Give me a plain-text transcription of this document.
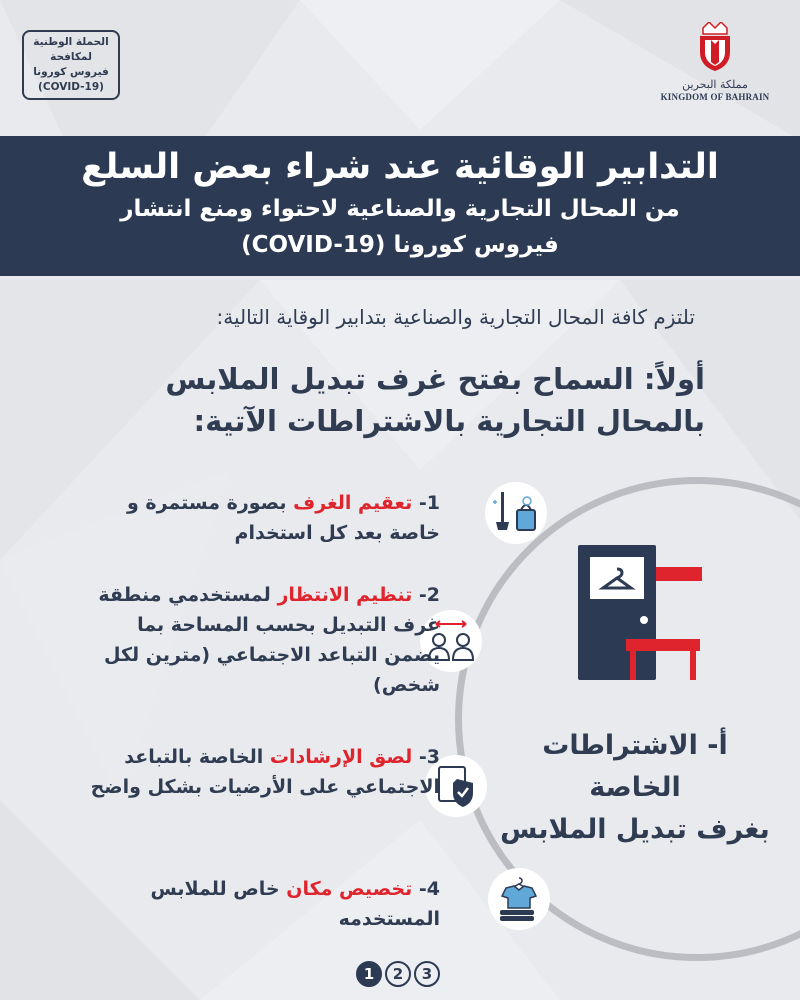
الحملة الوطنية
لمكافحة
فيروس كورونا
(COVID-19)	مملكة البحرين
KINGDOM OF BAHRAIN
التدابير الوقائية عند شراء بعض السلع
من المحال التجارية والصناعية لاحتواء ومنع انتشار
فيروس كورونا (COVID-19)
تلتزم كافة المحال التجارية والصناعية بتدابير الوقاية التالية:
أولاً: السماح بفتح غرف تبديل الملابس
بالمحال التجارية بالاشتراطات الآتية:
1- تعقيم الغرف بصورة مستمرة و خاصة بعد كل استخدام
2- تنظيم الانتظار لمستخدمي منطقة غرف التبديل بحسب المساحة بما يضمن التباعد الاجتماعي (مترين لكل شخص)
3- لصق الإرشادات الخاصة بالتباعد الاجتماعي على الأرضيات بشكل واضح
4- تخصيص مكان خاص للملابس المستخدمه
أ- الاشتراطات الخاصة
بغرف تبديل الملابس
1 2 3
